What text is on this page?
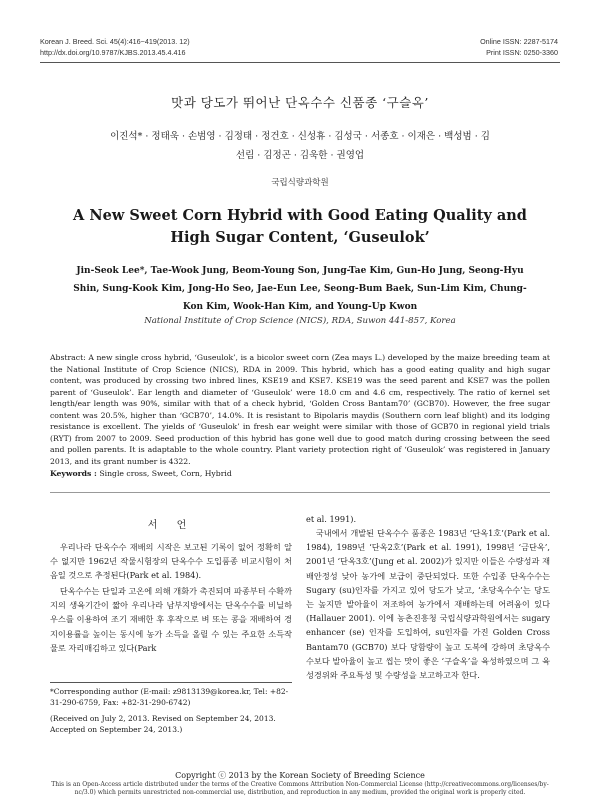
Korean J. Breed. Sci. 45(4):416~419(2013. 12)
http://dx.doi.org/10.9787/KJBS.2013.45.4.416
Online ISSN: 2287-5174
Print ISSN: 0250-3360
맛과 당도가 뛰어난 단옥수수 신품종 ‘구슬옥’
이진석* · 정태욱 · 손범영 · 김정태 · 정건호 · 신성휴 · 김성국 · 서종호 · 이재은 · 백성범 · 김선림 · 김정곤 · 김욱한 · 권영업
국립식량과학원
A New Sweet Corn Hybrid with Good Eating Quality and High Sugar Content, ‘Guseulok’
Jin-Seok Lee*, Tae-Wook Jung, Beom-Young Son, Jung-Tae Kim, Gun-Ho Jung, Seong-Hyu Shin, Sung-Kook Kim, Jong-Ho Seo, Jae-Eun Lee, Seong-Bum Baek, Sun-Lim Kim, Chung-Kon Kim, Wook-Han Kim, and Young-Up Kwon
National Institute of Crop Science (NICS), RDA, Suwon 441-857, Korea
Abstract: A new single cross hybrid, ‘Guseulok’, is a bicolor sweet corn (Zea mays L.) developed by the maize breeding team at the National Institute of Crop Science (NICS), RDA in 2009. This hybrid, which has a good eating quality and high sugar content, was produced by crossing two inbred lines, KSE19 and KSE7. KSE19 was the seed parent and KSE7 was the pollen parent of ‘Guseulok’. Ear length and diameter of ‘Guseulok’ were 18.0 cm and 4.6 cm, respectively. The ratio of kernel set length/ear length was 90%, similar with that of a check hybrid, ‘Golden Cross Bantam70’ (GCB70). However, the free sugar content was 20.5%, higher than ‘GCB70’, 14.0%. It is resistant to Bipolaris maydis (Southern corn leaf blight) and its lodging resistance is excellent. The yields of ‘Guseulok’ in fresh ear weight were similar with those of GCB70 in regional yield trials (RYT) from 2007 to 2009. Seed production of this hybrid has gone well due to good match during crossing between the seed and pollen parents. It is adaptable to the whole country. Plant variety protection right of ‘Guseulok’ was registered in January 2013, and its grant number is 4322.
Keywords : Single cross, Sweet, Corn, Hybrid
서 언
우리나라 단옥수수 재배의 시작은 보고된 기록이 없어 정확히 알 수 없지만 1962년 작물시험장의 단옥수수 도입품종 비교시험이 처음일 것으로 추정된다(Park et al. 1984).
단옥수수는 단일과 고온에 의해 개화가 촉진되며 파종부터 수확까지의 생육기간이 짧아 우리나라 남부지방에서는 단옥수수를 비닐하우스를 이용하여 조기 재배한 후 후작으로 벼 또는 콩을 재배하여 경지이용률을 높이는 동시에 농가 소득을 올릴 수 있는 주요한 소득작물로 자리매김하고 있다(Park
*Corresponding author (E-mail: z9813139@korea.kr, Tel: +82-31-290-6759, Fax: +82-31-290-6742)
(Received on July 2, 2013. Revised on September 24, 2013. Accepted on September 24, 2013.)
et al. 1991).
국내에서 개발된 단옥수수 품종은 1983년 ‘단옥1호’(Park et al. 1984), 1989년 ‘단옥2호’(Park et al. 1991), 1998년 ‘금단옥’, 2001년 ‘단옥3호’(Jung et al. 2002)가 있지만 이들은 수량성과 재배안정성 낮아 농가에 보급이 중단되었다. 또한 수입종 단옥수수는 Sugary (su)인자를 가지고 있어 당도가 낮고, ‘초당옥수수’는 당도는 높지만 발아율이 저조하여 농가에서 재배하는데 어려움이 있다(Hallauer 2001). 이에 농촌진흥청 국립식량과학원에서는 sugary enhancer (se) 인자를 도입하여, su인자를 가진 Golden Cross Bantam70 (GCB70) 보다 당함량이 높고 도복에 강하며 초당옥수수보다 발아율이 높고 씹는 맛이 좋은 ‘구슬옥’을 육성하였으며 그 육성경위와 주요특성 및 수량성을 보고하고자 한다.
Copyright ⓒ 2013 by the Korean Society of Breeding Science
This is an Open-Access article distributed under the terms of the Creative Commons Attribution Non-Commercial License (http://creativecommons.org/licenses/by-nc/3.0) which permits unrestricted non-commercial use, distribution, and reproduction in any medium, provided the original work is properly cited.
